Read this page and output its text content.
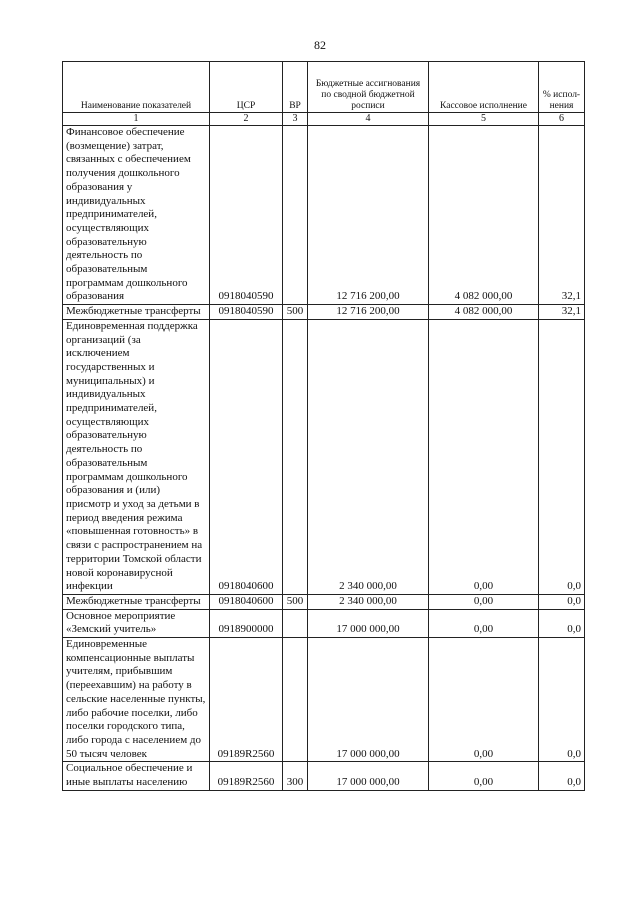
82
Наименование показателей	ЦСР	ВР	Бюджетные ассигнования по сводной бюджетной росписи	Кассовое исполнение	% испол-нения
1	2	3	4	5	6
Финансовое обеспечение (возмещение) затрат, связанных с обеспечением получения дошкольного образования у индивидуальных предпринимателей, осуществляющих образовательную деятельность по образовательным программам дошкольного образования	0918040590		12 716 200,00	4 082 000,00	32,1
Межбюджетные трансферты	0918040590	500	12 716 200,00	4 082 000,00	32,1
Единовременная поддержка организаций (за исключением государственных и муниципальных) и индивидуальных предпринимателей, осуществляющих образовательную деятельность по образовательным программам дошкольного образования и (или) присмотр и уход за детьми в период введения режима «повышенная готовность» в связи с распространением на территории Томской области новой коронавирусной инфекции	0918040600		2 340 000,00	0,00	0,0
Межбюджетные трансферты	0918040600	500	2 340 000,00	0,00	0,0
Основное мероприятие «Земский учитель»	0918900000		17 000 000,00	0,00	0,0
Единовременные компенсационные выплаты учителям, прибывшим (переехавшим) на работу в сельские населенные пункты, либо рабочие поселки, либо поселки городского типа, либо города с населением до 50 тысяч человек	09189R2560		17 000 000,00	0,00	0,0
Социальное обеспечение и иные выплаты населению	09189R2560	300	17 000 000,00	0,00	0,0
